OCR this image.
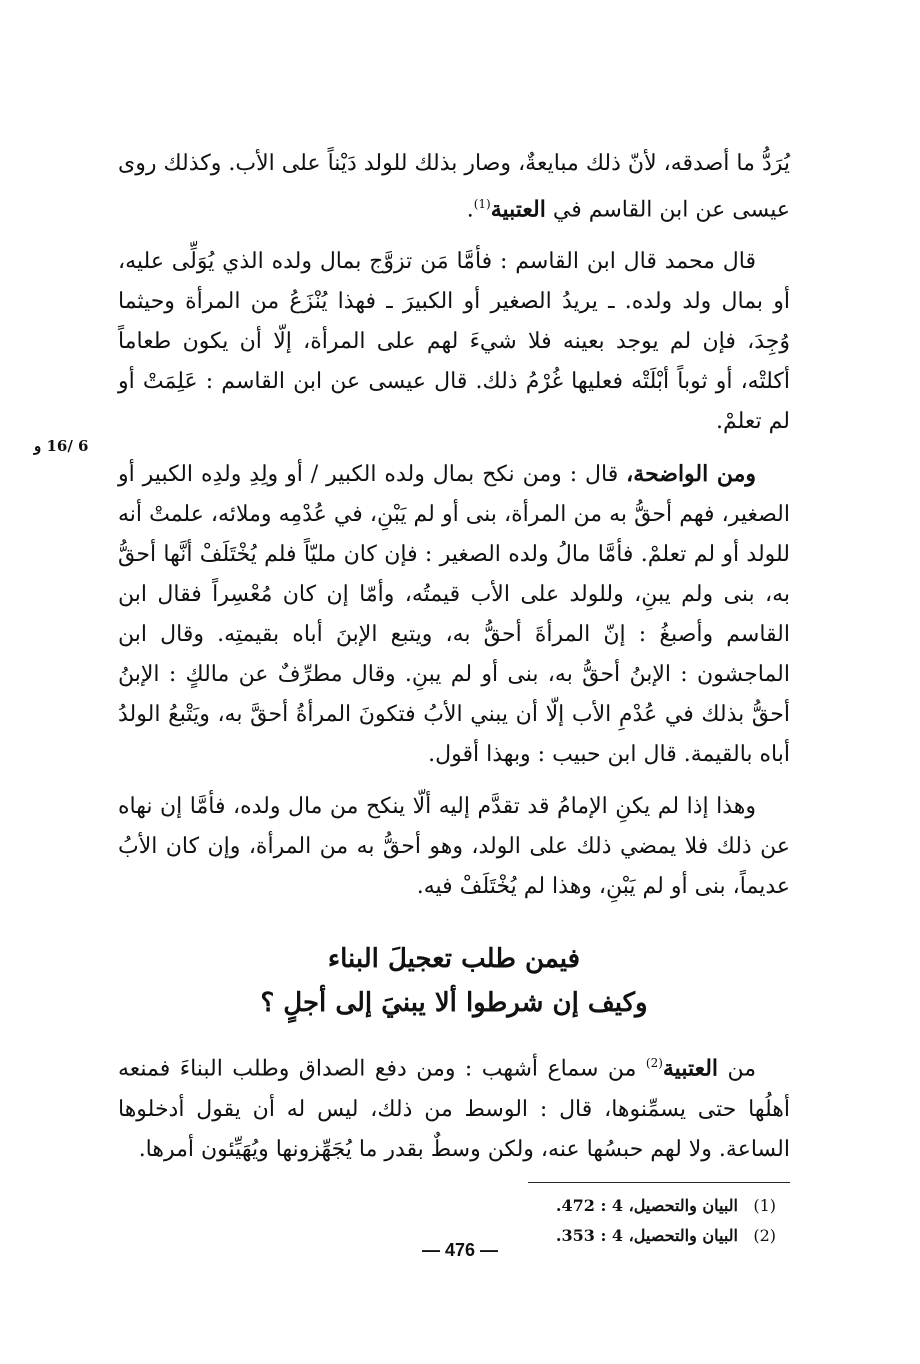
6 /16 و

يُرَدُّ ما أصدقه، لأنّ ذلك مبايعةٌ، وصار بذلك للولد دَيْناً على الأب. وكذلك روى عيسى عن ابن القاسم في العتبية$^{(1)}$.

قال محمد قال ابن القاسم : فأمَّا مَن تزوَّج بمال ولده الذي يُوَلِّى عليه، أو بمال ولد ولده. ـ يريدُ الصغير أو الكبيرَ ـ فهذا يُنْزَعُ من المرأة وحيثما وُجِدَ، فإن لم يوجد بعينه فلا شيءَ لهم على المرأة، إلّا أن يكون طعاماً أكلتْه، أو ثوباً أبْلَتْه فعليها غُرْمُ ذلك. قال عيسى عن ابن القاسم : عَلِمَتْ أو لم تعلمْ.

ومن الواضحة، قال : ومن نكح بمال ولده الكبير / أو ولِدِ ولدِه الكبير أو الصغير، فهم أحقُّ به من المرأة، بنى أو لم يَبْنِ، في عُدْمِه وملائه، علمتْ أنه للولد أو لم تعلمْ. فأمَّا مالُ ولده الصغير : فإن كان مليّاً فلم يُخْتَلَفْ أنَّها أحقُّ به، بنى ولم يبنِ، وللولد على الأب قيمتُه، وأمّا إن كان مُعْسِراً فقال ابن القاسم وأصبغُ : إنّ المرأةَ أحقُّ به، ويتبع الإبنَ أباه بقيمتِه. وقال ابن الماجشون : الإبنُ أحقُّ به، بنى أو لم يبنِ. وقال مطرِّفٌ عن مالكٍ : الإبنُ أحقُّ بذلك في عُدْمِ الأب إلّا أن يبني الأبُ فتكونَ المرأةُ أحقَّ به، ويَتْبعُ الولدُ أباه بالقيمة. قال ابن حبيب : وبهذا أقول.

وهذا إذا لم يكنِ الإمامُ قد تقدَّم إليه ألّا ينكح من مال ولده، فأمَّا إن نهاه عن ذلك فلا يمضي ذلك على الولد، وهو أحقُّ به من المرأة، وإن كان الأبُ عديماً، بنى أو لم يَبْنِ، وهذا لم يُخْتَلَفْ فيه.

فيمن طلب تعجيلَ البناء
وكيف إن شرطوا ألا يبنيَ إلى أجلٍ ؟

من العتبية$^{(2)}$ من سماع أشهب : ومن دفع الصداق وطلب البناءَ فمنعه أهلُها حتى يسمِّنوها، قال : الوسط من ذلك، ليس له أن يقول أدخلوها الساعة. ولا لهم حبسُها عنه، ولكن وسطٌ بقدر ما يُجَهِّزونها ويُهَيِّئون أمرها.

(1)البيان والتحصيل، 4 : 472.

(2)البيان والتحصيل، 4 : 353.

— 476 —
